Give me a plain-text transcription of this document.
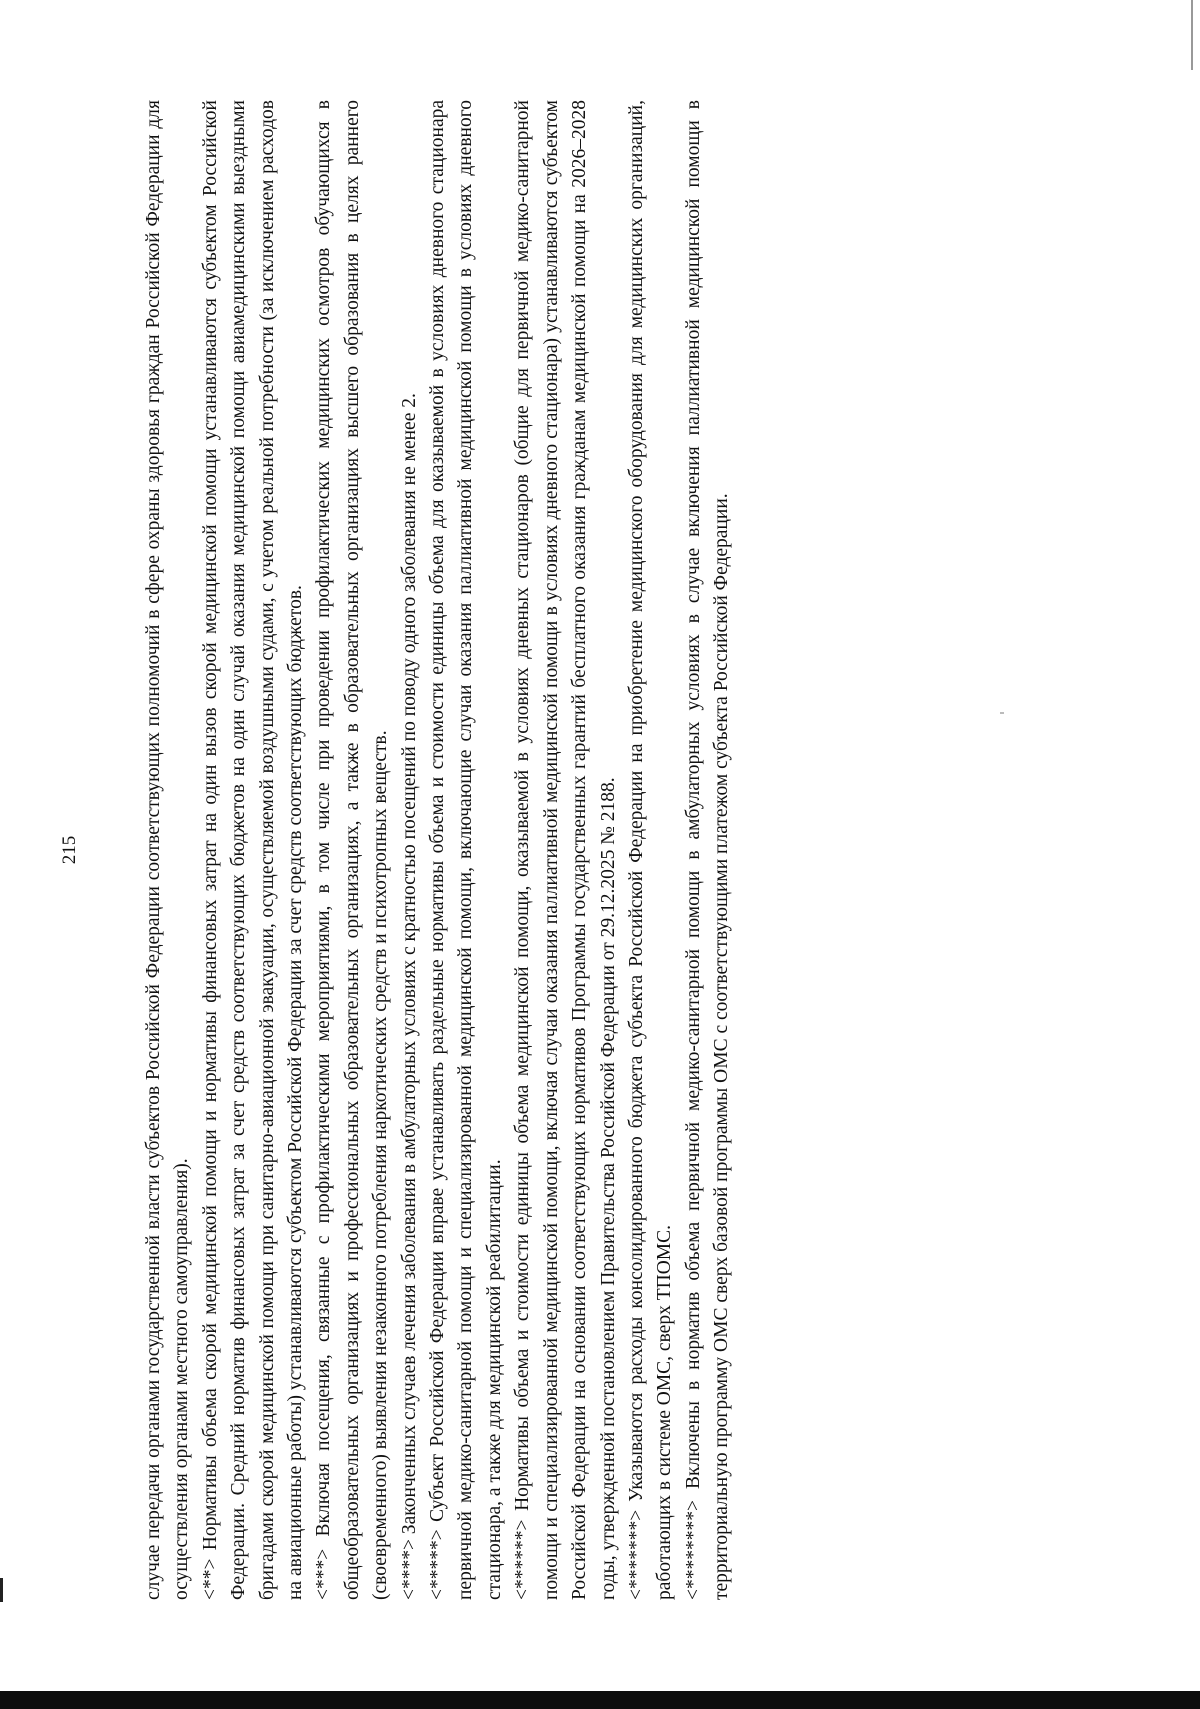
215	случае передачи органами государственной власти субъектов Российской Федерации соответствующих полномочий в сфере охраны здоровья граждан Российской Федерации для осуществления органами местного самоуправления). <**> Нормативы объема скорой медицинской помощи и нормативы финансовых затрат на один вызов скорой медицинской помощи устанавливаются субъектом Российской Федерации. Средний норматив финансовых затрат за счет средств соответствующих бюджетов на один случай оказания медицинской помощи авиамедицинскими выездными бригадами скорой медицинской помощи при санитарно-авиационной эвакуации, осуществляемой воздушными судами, с учетом реальной потребности (за исключением расходов на авиационные работы) устанавливаются субъектом Российской Федерации за счет средств соответствующих бюджетов. <***> Включая посещения, связанные с профилактическими мероприятиями, в том числе при проведении профилактических медицинских осмотров обучающихся в общеобразовательных организациях и профессиональных образовательных организациях, а также в образовательных организациях высшего образования в целях раннего (своевременного) выявления незаконного потребления наркотических средств и психотропных веществ. <****> Законченных случаев лечения заболевания в амбулаторных условиях с кратностью посещений по поводу одного заболевания не менее 2.

<*****> Субъект Российской Федерации вправе устанавливать раздельные нормативы объема и стоимости единицы объема для оказываемой в условиях дневного стационара первичной медико-санитарной помощи и специализированной медицинской помощи, включающие случаи оказания паллиативной медицинской помощи в условиях дневного стационара, а также для медицинской реабилитации. <******> Нормативы объема и стоимости единицы объема медицинской помощи, оказываемой в условиях дневных стационаров (общие для первичной медико-санитарной помощи и специализированной медицинской помощи, включая случаи оказания паллиативной медицинской помощи в условиях дневного стационара) устанавливаются субъектом Российской Федерации на основании соответствующих нормативов Программы государственных гарантий бесплатного оказания гражданам медицинской помощи на 2026–2028 годы, утвержденной постановлением Правительства Российской Федерации от 29.12.2025 № 2188. <*******> Указываются расходы консолидированного бюджета субъекта Российской Федерации на приобретение медицинского оборудования для медицинских организаций, работающих в системе ОМС, сверх ТПОМС. <********> Включены в норматив объема первичной медико-санитарной помощи в амбулаторных условиях в случае включения паллиативной медицинской помощи в территориальную программу ОМС сверх базовой программы ОМС с соответствующими платежом субъекта Российской Федерации.
